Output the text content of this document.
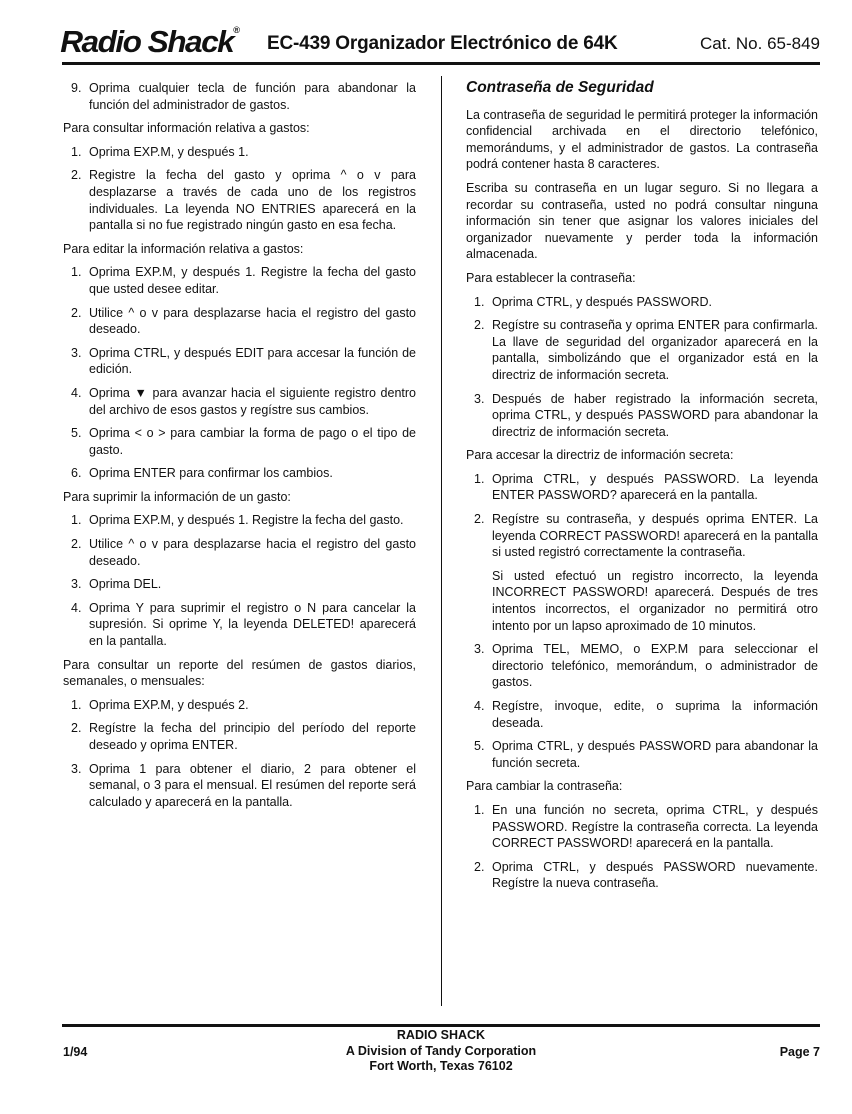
Radio Shack®
EC-439 Organizador Electrónico de 64K	Cat. No. 65-849
9. Oprima cualquier tecla de función para abandonar la función del administrador de gastos.

Para consultar información relativa a gastos:

1. Oprima EXP.M, y después 1.
2. Registre la fecha del gasto y oprima ^ o v para desplazarse a través de cada uno de los registros individuales. La leyenda NO ENTRIES aparecerá en la pantalla si no fue registrado ningún gasto en esa fecha.

Para editar la información relativa a gastos:

1. Oprima EXP.M, y después 1. Registre la fecha del gasto que usted desee editar.
2. Utilice ^ o v para desplazarse hacia el registro del gasto deseado.
3. Oprima CTRL, y después EDIT para accesar la función de edición.
4. Oprima ▼ para avanzar hacia el siguiente registro dentro del archivo de esos gastos y regístre sus cambios.
5. Oprima < o > para cambiar la forma de pago o el tipo de gasto.
6. Oprima ENTER para confirmar los cambios.

Para suprimir la información de un gasto:

1. Oprima EXP.M, y después 1. Registre la fecha del gasto.
2. Utilice ^ o v para desplazarse hacia el registro del gasto deseado.
3. Oprima DEL.
4. Oprima Y para suprimir el registro o N para cancelar la supresión. Si oprime Y, la leyenda DELETED! aparecerá en la pantalla.

Para consultar un reporte del resúmen de gastos diarios, semanales, o mensuales:

1. Oprima EXP.M, y después 2.
2. Regístre la fecha del principio del período del reporte deseado y oprima ENTER.
3. Oprima 1 para obtener el diario, 2 para obtener el semanal, o 3 para el mensual. El resúmen del reporte será calculado y aparecerá en la pantalla.
Contraseña de Seguridad

La contraseña de seguridad le permitirá proteger la información confidencial archivada en el directorio telefónico, memorándums, y el administrador de gastos. La contraseña podrá contener hasta 8 caracteres.

Escriba su contraseña en un lugar seguro. Si no llegara a recordar su contraseña, usted no podrá consultar ninguna información sin tener que asignar los valores iniciales del organizador nuevamente y perder toda la información almacenada.

Para establecer la contraseña:

1. Oprima CTRL, y después PASSWORD.
2. Regístre su contraseña y oprima ENTER para confirmarla. La llave de seguridad del organizador aparecerá en la pantalla, simbolizándo que el organizador está en la directriz de información secreta.
3. Después de haber registrado la información secreta, oprima CTRL, y después PASSWORD para abandonar la directriz de información secreta.

Para accesar la directriz de información secreta:

1. Oprima CTRL, y después PASSWORD. La leyenda ENTER PASSWORD? aparecerá en la pantalla.
2. Regístre su contraseña, y después oprima ENTER. La leyenda CORRECT PASSWORD! aparecerá en la pantalla si usted registró correctamente la contraseña.
Si usted efectuó un registro incorrecto, la leyenda INCORRECT PASSWORD! aparecerá. Después de tres intentos incorrectos, el organizador no permitirá otro intento por un lapso aproximado de 10 minutos.
3. Oprima TEL, MEMO, o EXP.M para seleccionar el directorio telefónico, memorándum, o administrador de gastos.
4. Regístre, invoque, edite, o suprima la información deseada.
5. Oprima CTRL, y después PASSWORD para abandonar la función secreta.

Para cambiar la contraseña:

1. En una función no secreta, oprima CTRL, y después PASSWORD. Regístre la contraseña correcta. La leyenda CORRECT PASSWORD! aparecerá en la pantalla.
2. Oprima CTRL, y después PASSWORD nuevamente. Regístre la nueva contraseña.
1/94
RADIO SHACK
A Division of Tandy Corporation
Fort Worth, Texas 76102
Page 7
